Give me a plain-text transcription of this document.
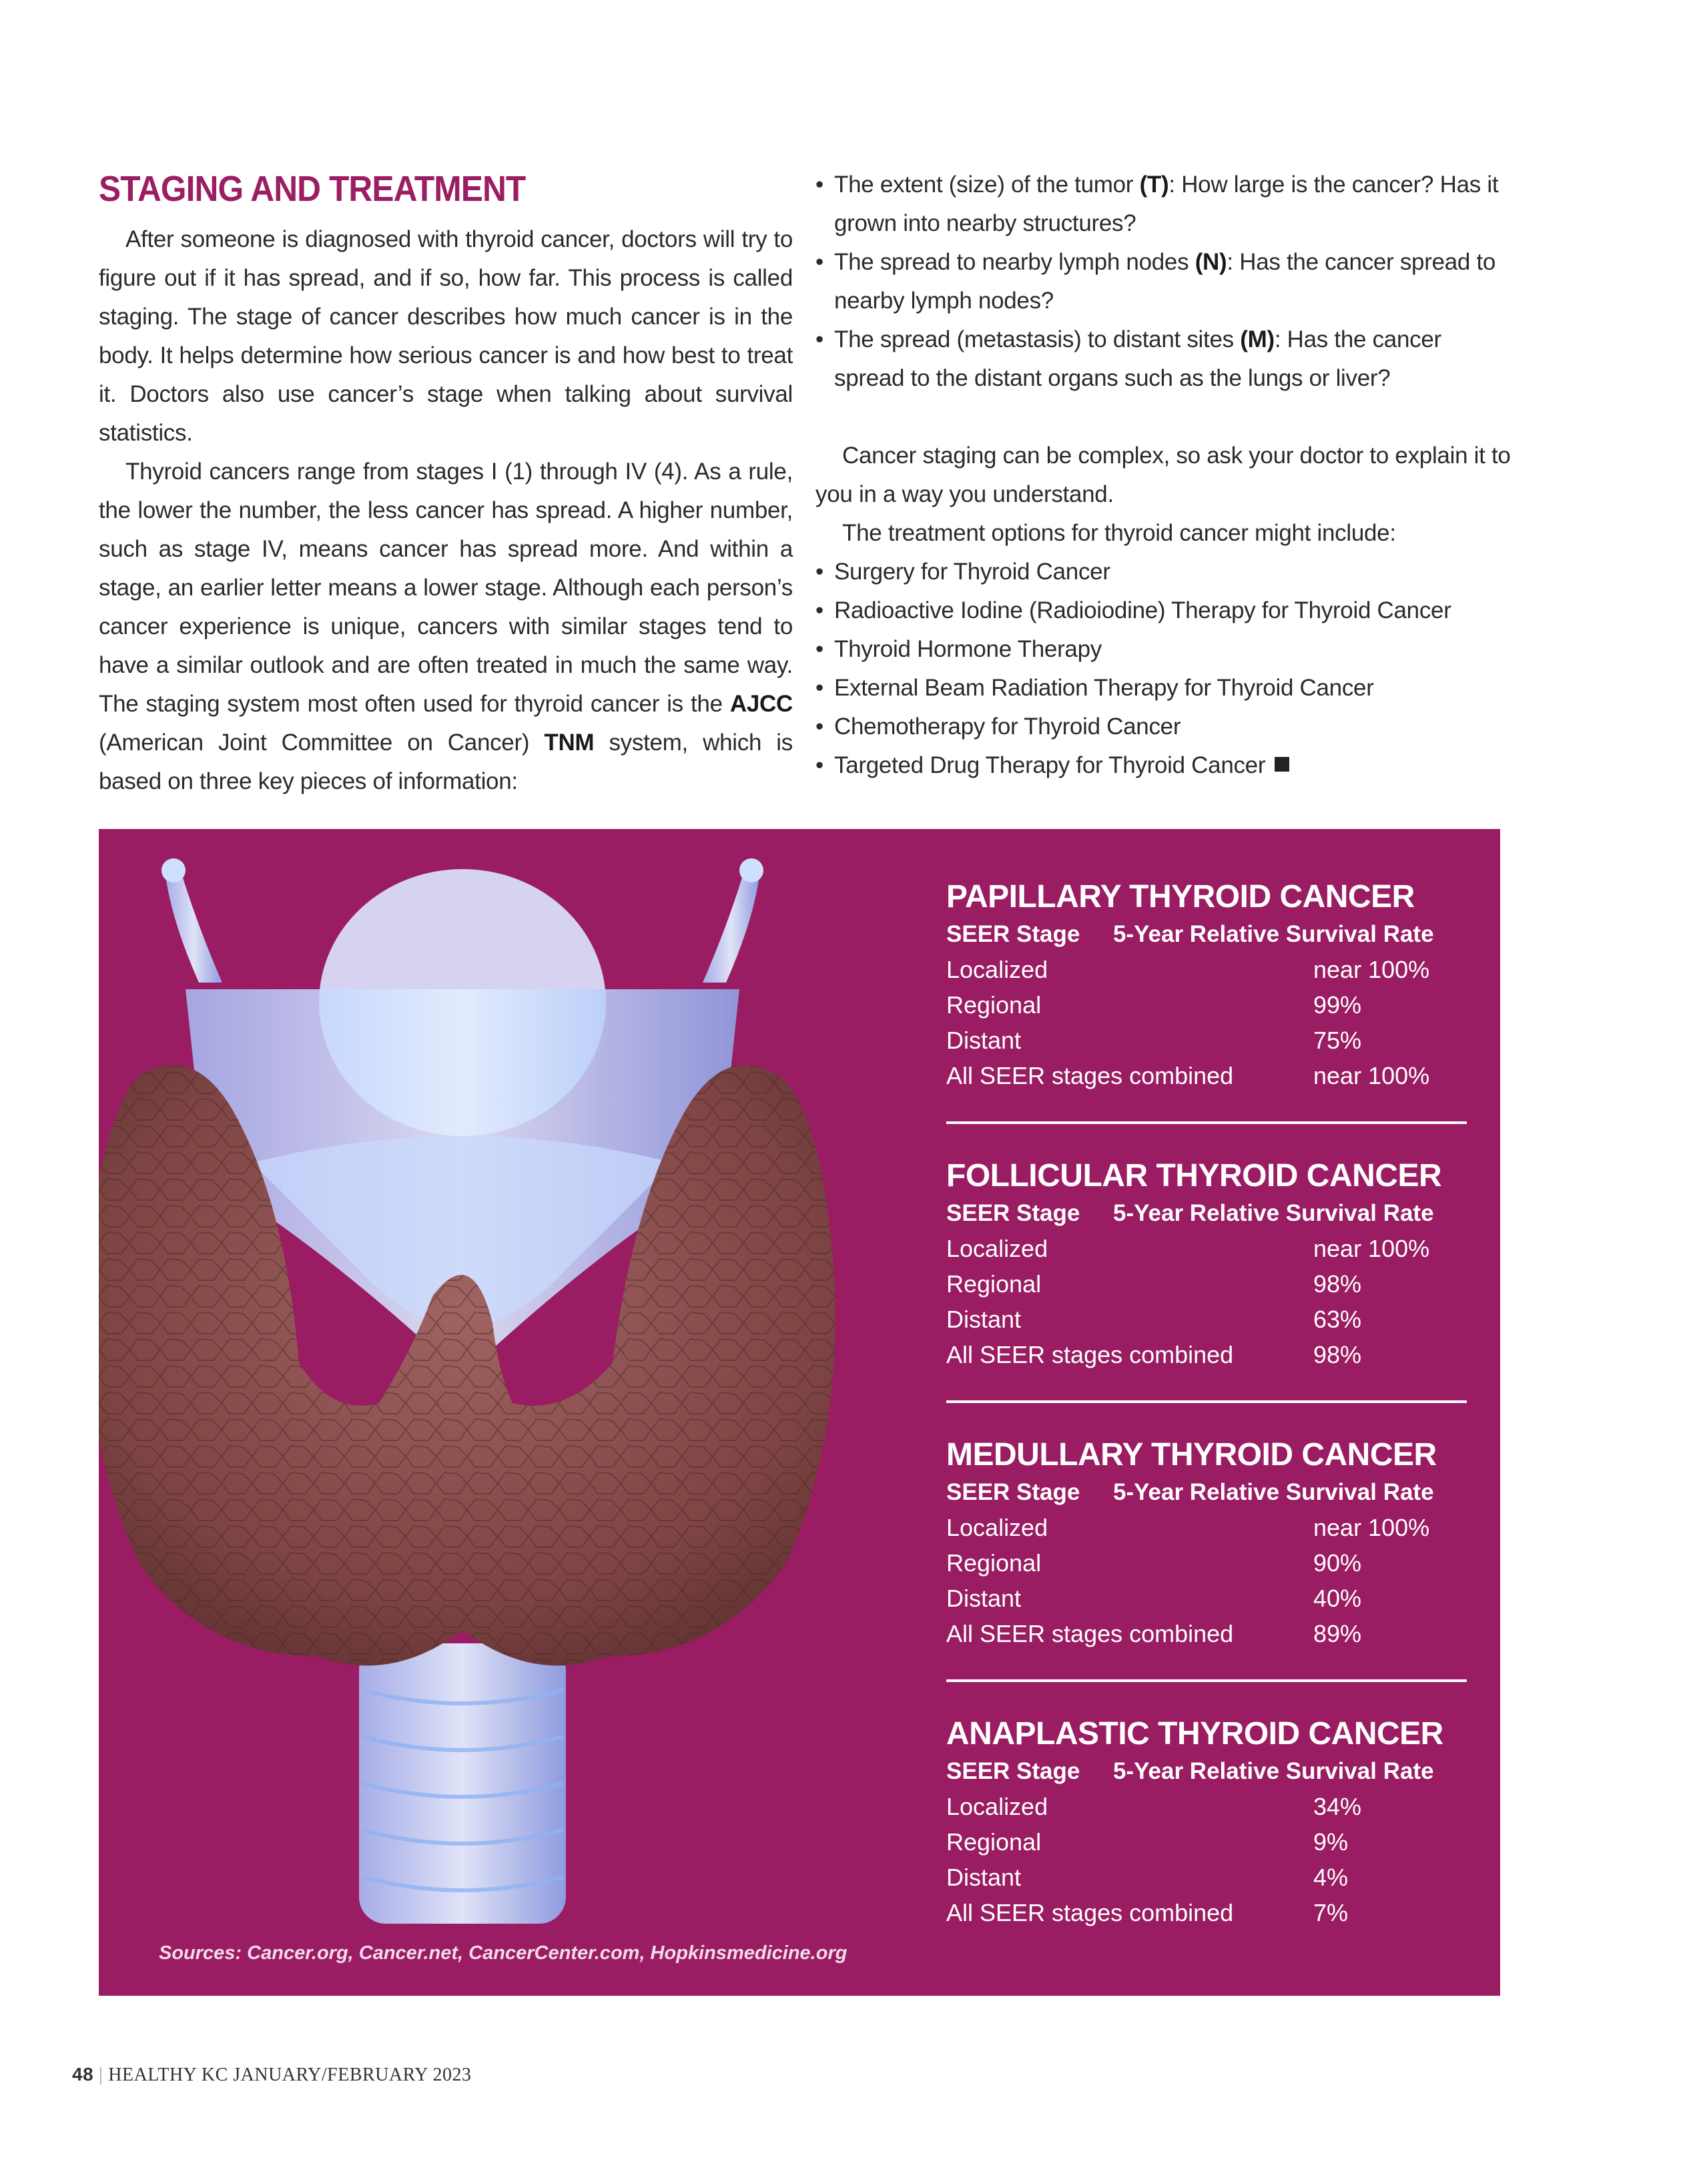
STAGING AND TREATMENT

After someone is diagnosed with thyroid cancer, doctors will try to figure out if it has spread, and if so, how far. This process is called staging. The stage of cancer describes how much cancer is in the body. It helps determine how serious cancer is and how best to treat it. Doctors also use cancer’s stage when talking about survival statistics.

Thyroid cancers range from stages I (1) through IV (4). As a rule, the lower the number, the less cancer has spread. A higher number, such as stage IV, means cancer has spread more. And within a stage, an earlier letter means a lower stage. Although each person’s cancer experience is unique, cancers with similar stages tend to have a similar outlook and are often treated in much the same way. The staging system most often used for thyroid cancer is the AJCC (American Joint Committee on Cancer) TNM system, which is based on three key pieces of information:

• The extent (size) of the tumor (T): How large is the cancer? Has it grown into nearby structures?
• The spread to nearby lymph nodes (N): Has the cancer spread to nearby lymph nodes?
• The spread (metastasis) to distant sites (M): Has the cancer spread to the distant organs such as the lungs or liver?

Cancer staging can be complex, so ask your doctor to explain it to you in a way you understand.

The treatment options for thyroid cancer might include:

• Surgery for Thyroid Cancer
• Radioactive Iodine (Radioiodine) Therapy for Thyroid Cancer
• Thyroid Hormone Therapy
• External Beam Radiation Therapy for Thyroid Cancer
• Chemotherapy for Thyroid Cancer
• Targeted Drug Therapy for Thyroid Cancer
Sources: Cancer.org, Cancer.net, CancerCenter.com, Hopkinsmedicine.org
PAPILLARY THYROID CANCER
SEER Stage	5-Year Relative Survival Rate
Localized	near 100%
Regional	99%
Distant	75%
All SEER stages combined	near 100%
FOLLICULAR THYROID CANCER
SEER Stage	5-Year Relative Survival Rate
Localized	near 100%
Regional	98%
Distant	63%
All SEER stages combined	98%
MEDULLARY THYROID CANCER
SEER Stage	5-Year Relative Survival Rate
Localized	near 100%
Regional	90%
Distant	40%
All SEER stages combined	89%
ANAPLASTIC THYROID CANCER
SEER Stage	5-Year Relative Survival Rate
Localized	34%
Regional	9%
Distant	4%
All SEER stages combined	7%
48 | HEALTHY KC JANUARY/FEBRUARY 2023
